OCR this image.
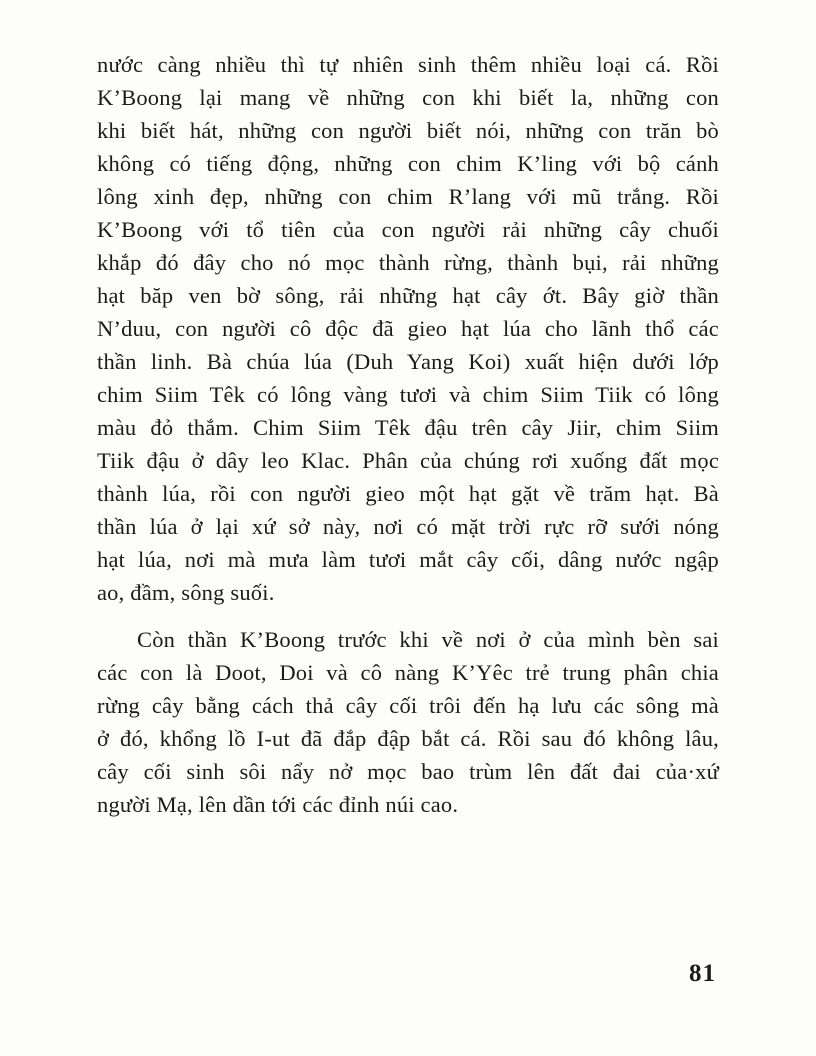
nước càng nhiều thì tự nhiên sinh thêm nhiều loại cá. Rồi
K’Boong lại mang về những con khi biết la, những con
khi biết hát, những con người biết nói, những con trăn bò
không có tiếng động, những con chim K’ling với bộ cánh
lông xinh đẹp, những con chim R’lang với mũ trắng. Rồi
K’Boong với tổ tiên của con người rải những cây chuối
khắp đó đây cho nó mọc thành rừng, thành bụi, rải những
hạt băp ven bờ sông, rải những hạt cây ớt. Bây giờ thần
N’duu, con người cô độc đã gieo hạt lúa cho lãnh thổ các
thần linh. Bà chúa lúa (Duh Yang Koi) xuất hiện dưới lớp
chim Siim Têk có lông vàng tươi và chim Siim Tiik có lông
màu đỏ thắm. Chim Siim Têk đậu trên cây Jiir, chim Siim
Tiik đậu ở dây leo Klac. Phân của chúng rơi xuống đất mọc
thành lúa, rồi con người gieo một hạt gặt về trăm hạt. Bà
thần lúa ở lại xứ sở này, nơi có mặt trời rực rỡ sưới nóng
hạt lúa, nơi mà mưa làm tươi mắt cây cối, dâng nước ngập
ao, đầm, sông suối.
Còn thần K’Boong trước khi về nơi ở của mình bèn sai
các con là Doot, Doi và cô nàng K’Yêc trẻ trung phân chia
rừng cây bằng cách thả cây cối trôi đến hạ lưu các sông mà
ở đó, khổng lồ I-ut đã đắp đập bắt cá. Rồi sau đó không lâu,
cây cối sinh sôi nẩy nở mọc bao trùm lên đất đai của·xứ
người Mạ, lên dần tới các đỉnh núi cao.
81
